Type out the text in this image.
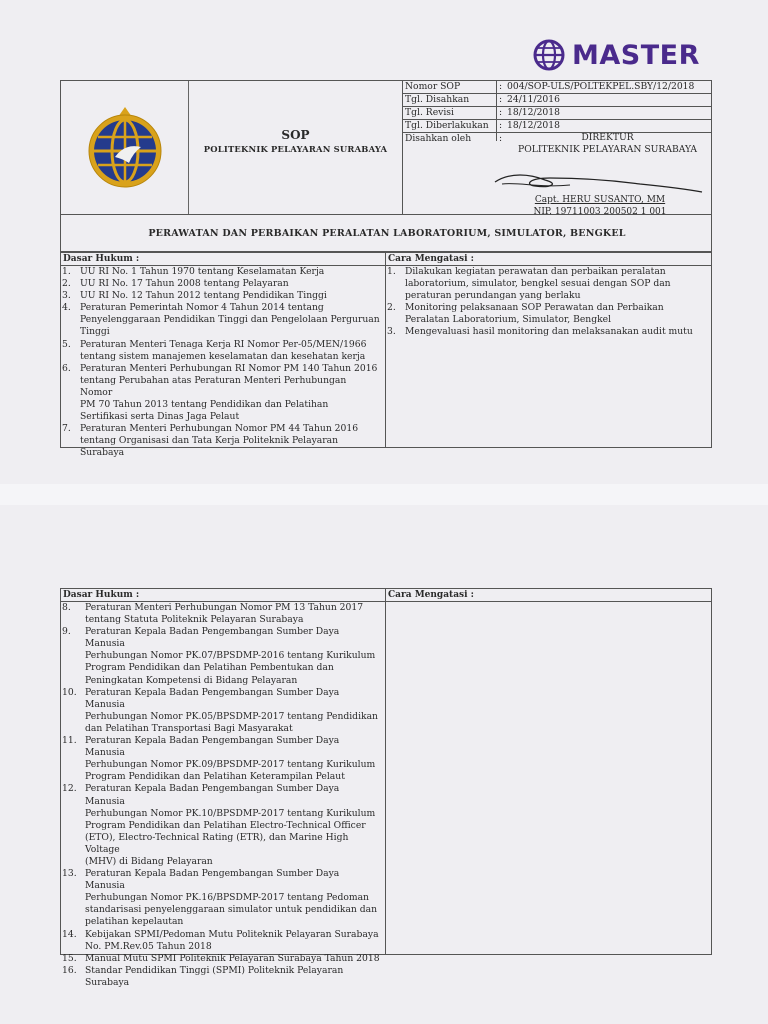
MASTER
SOP
POLITEKNIK PELAYARAN SURABAYA
Nomor SOP	: 004/SOP-ULS/POLTEKPEL.SBY/12/2018
Tgl. Disahkan	: 24/11/2016
Tgl. Revisi	: 18/12/2018
Tgl. Diberlakukan : 18/12/2018
Disahkan oleh	:	DIREKTUR
POLITEKNIK PELAYARAN SURABAYA
Capt. HERU SUSANTO, MM
NIP. 19711003 200502 1 001
PERAWATAN DAN PERBAIKAN PERALATAN LABORATORIUM, SIMULATOR, BENGKEL
Dasar Hukum :	Cara Mengatasi :
1. UU RI No. 1 Tahun 1970 tentang Keselamatan Kerja
2. UU RI No. 17 Tahun 2008 tentang Pelayaran
3. UU RI No. 12 Tahun 2012 tentang Pendidikan Tinggi
4. Peraturan Pemerintah Nomor 4 Tahun 2014 tentang
Penyelenggaraan Pendidikan Tinggi dan Pengelolaan Perguruan
Tinggi
5. Peraturan Menteri Tenaga Kerja RI Nomor Per-05/MEN/1966
tentang sistem manajemen keselamatan dan kesehatan kerja
6. Peraturan Menteri Perhubungan RI Nomor PM 140 Tahun 2016
tentang Perubahan atas Peraturan Menteri Perhubungan Nomor
PM 70 Tahun 2013 tentang Pendidikan dan Pelatihan
Sertifikasi serta Dinas Jaga Pelaut
7. Peraturan Menteri Perhubungan Nomor PM 44 Tahun 2016
tentang Organisasi dan Tata Kerja Politeknik Pelayaran
Surabaya
1. Dilakukan kegiatan perawatan dan perbaikan peralatan
laboratorium, simulator, bengkel sesuai dengan SOP dan
peraturan perundangan yang berlaku
2. Monitoring pelaksanaan SOP Perawatan dan Perbaikan
Peralatan Laboratorium, Simulator, Bengkel
3. Mengevaluasi hasil monitoring dan melaksanakan audit mutu
Dasar Hukum :	Cara Mengatasi :
8. Peraturan Menteri Perhubungan Nomor PM 13 Tahun 2017
tentang Statuta Politeknik Pelayaran Surabaya
9. Peraturan Kepala Badan Pengembangan Sumber Daya Manusia
Perhubungan Nomor PK.07/BPSDMP-2016 tentang Kurikulum
Program Pendidikan dan Pelatihan Pembentukan dan
Peningkatan Kompetensi di Bidang Pelayaran
10. Peraturan Kepala Badan Pengembangan Sumber Daya Manusia
Perhubungan Nomor PK.05/BPSDMP-2017 tentang Pendidikan
dan Pelatihan Transportasi Bagi Masyarakat
11. Peraturan Kepala Badan Pengembangan Sumber Daya Manusia
Perhubungan Nomor PK.09/BPSDMP-2017 tentang Kurikulum
Program Pendidikan dan Pelatihan Keterampilan Pelaut
12. Peraturan Kepala Badan Pengembangan Sumber Daya Manusia
Perhubungan Nomor PK.10/BPSDMP-2017 tentang Kurikulum
Program Pendidikan dan Pelatihan Electro-Technical Officer
(ETO), Electro-Technical Rating (ETR), dan Marine High Voltage
(MHV) di Bidang Pelayaran
13. Peraturan Kepala Badan Pengembangan Sumber Daya Manusia
Perhubungan Nomor PK.16/BPSDMP-2017 tentang Pedoman
standarisasi penyelenggaraan simulator untuk pendidikan dan
pelatihan kepelautan
14. Kebijakan SPMI/Pedoman Mutu Politeknik Pelayaran Surabaya
No. PM.Rev.05 Tahun 2018
15. Manual Mutu SPMI Politeknik Pelayaran Surabaya Tahun 2018
16. Standar Pendidikan Tinggi (SPMI) Politeknik Pelayaran
Surabaya
